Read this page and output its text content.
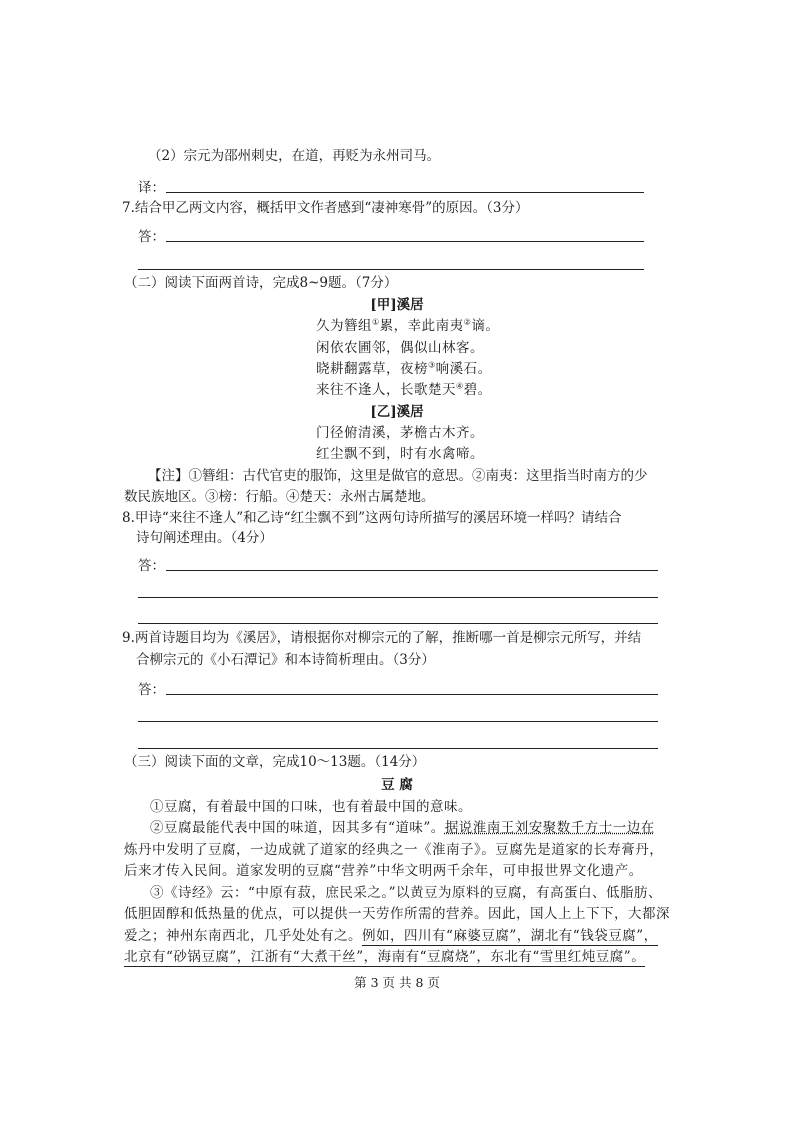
（2）宗元为邵州刺史，在道，再贬为永州司马。
译：
7.结合甲乙两文内容，概括甲文作者感到“凄神寒骨”的原因。（3分）
答：
（二）阅读下面两首诗，完成8~9题。（7分）
[甲]溪居
久为簪组①累，幸此南夷②谪。
闲依农圃邻，偶似山林客。
晓耕翻露草，夜榜③响溪石。
来往不逢人，长歌楚天④碧。
[乙]溪居
门径俯清溪，茅檐古木齐。
红尘飘不到，时有水禽啼。
【注】①簪组：古代官吏的服饰，这里是做官的意思。②南夷：这里指当时南方的少
数民族地区。③榜：行船。④楚天：永州古属楚地。
8.甲诗“来往不逢人”和乙诗“红尘飘不到”这两句诗所描写的溪居环境一样吗？请结合
诗句阐述理由。（4分）
答：
9.两首诗题目均为《溪居》，请根据你对柳宗元的了解，推断哪一首是柳宗元所写，并结
合柳宗元的《小石潭记》和本诗简析理由。（3分）
答：
（三）阅读下面的文章，完成10～13题。（14分）
豆 腐
①豆腐，有着最中国的口味，也有着最中国的意味。
②豆腐最能代表中国的味道，因其多有“道味”。据说淮南王刘安聚数千方士一边在
炼丹中发明了豆腐，一边成就了道家的经典之一《淮南子》。豆腐先是道家的长寿膏丹，
后来才传入民间。道家发明的豆腐“营养”中华文明两千余年，可申报世界文化遗产。
③《诗经》云：“中原有菽，庶民采之。”以黄豆为原料的豆腐，有高蛋白、低脂肪、
低胆固醇和低热量的优点，可以提供一天劳作所需的营养。因此，国人上上下下，大都深
爱之；神州东南西北，几乎处处有之。例如，四川有“麻婆豆腐”，湖北有“钱袋豆腐”，
北京有“砂锅豆腐”，江浙有“大煮干丝”，海南有“豆腐烧”，东北有“雪里红炖豆腐”。
第 3 页 共 8 页
